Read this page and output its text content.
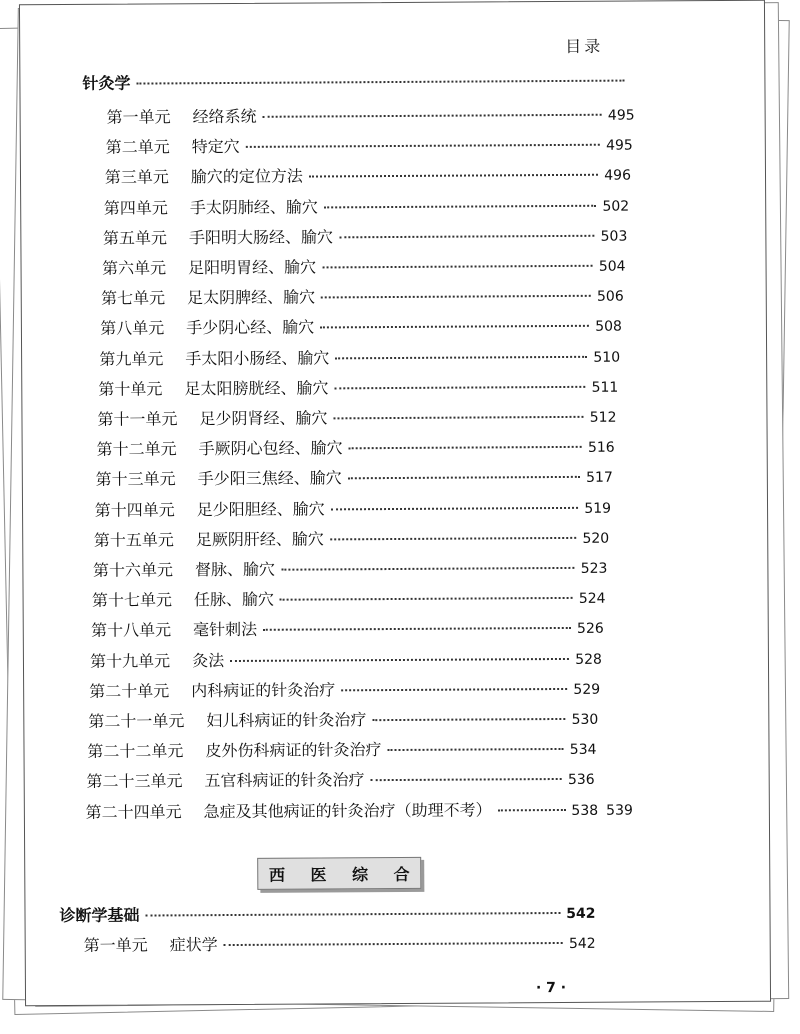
目录
针灸学
第一单元 经络系统	495
第二单元 特定穴	495
第三单元 腧穴的定位方法	496
第四单元 手太阴肺经、腧穴	502
第五单元 手阳明大肠经、腧穴	503
第六单元 足阳明胃经、腧穴	504
第七单元 足太阴脾经、腧穴	506
第八单元 手少阴心经、腧穴	508
第九单元 手太阳小肠经、腧穴	510
第十单元 足太阳膀胱经、腧穴	511
第十一单元 足少阴肾经、腧穴	512
第十二单元 手厥阴心包经、腧穴	516
第十三单元 手少阳三焦经、腧穴	517
第十四单元 足少阳胆经、腧穴	519
第十五单元 足厥阴肝经、腧穴	520
第十六单元 督脉、腧穴	523
第十七单元 任脉、腧穴	524
第十八单元 毫针刺法	526
第十九单元 灸法	528
第二十单元 内科病证的针灸治疗	529
第二十一单元 妇儿科病证的针灸治疗	530
第二十二单元 皮外伤科病证的针灸治疗	534
第二十三单元 五官科病证的针灸治疗	536
第二十四单元 急症及其他病证的针灸治疗（助理不考）	538 539
西 医 综 合
诊断学基础	542
第一单元 症状学	542
· 7 ·
